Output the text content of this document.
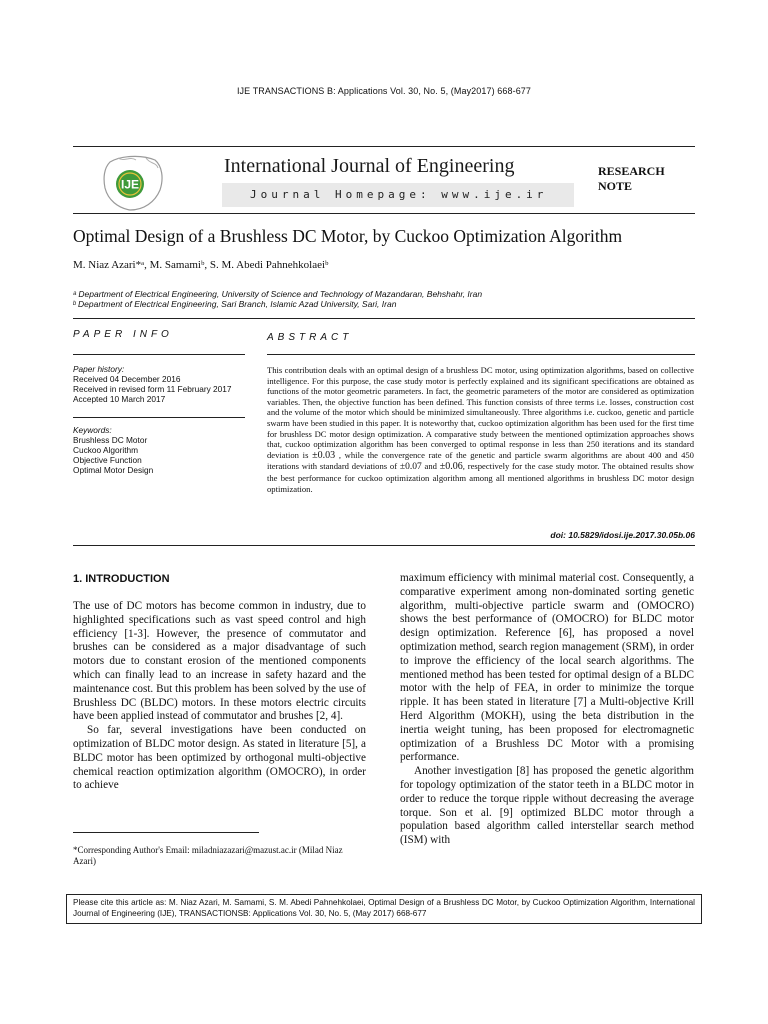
IJE TRANSACTIONS B: Applications Vol. 30, No. 5, (May2017) 668-677
IJE
International Journal of Engineering
Journal Homepage: www.ije.ir
RESEARCH
NOTE
Optimal Design of a Brushless DC Motor, by Cuckoo Optimization Algorithm
M. Niaz Azari*ᵃ, M. Samamiᵇ, S. M. Abedi Pahnehkolaeiᵇ
ᵃ Department of Electrical Engineering, University of Science and Technology of Mazandaran, Behshahr, Iran
ᵇ Department of Electrical Engineering, Sari Branch, Islamic Azad University, Sari, Iran
PAPER INFO
Paper history:
Received 04 December 2016
Received in revised form 11 February 2017
Accepted 10 March 2017
Keywords:
Brushless DC Motor
Cuckoo Algorithm
Objective Function
Optimal Motor Design
ABSTRACT
This contribution deals with an optimal design of a brushless DC motor, using optimization algorithms, based on collective intelligence. For this purpose, the case study motor is perfectly explained and its significant specifications are obtained as functions of the motor geometric parameters. In fact, the geometric parameters of the motor are considered as optimization variables. Then, the objective function has been defined. This function consists of three terms i.e. losses, construction cost and the volume of the motor which should be minimized simultaneously. Three algorithms i.e. cuckoo, genetic and particle swarm have been studied in this paper. It is noteworthy that, cuckoo optimization algorithm has been used for the first time for brushless DC motor design optimization. A comparative study between the mentioned optimization approaches shows that, cuckoo optimization algorithm has been converged to optimal response in less than 250 iterations and its standard deviation is ±0.03 , while the convergence rate of the genetic and particle swarm algorithms are about 400 and 450 iterations with standard deviations of ±0.07 and ±0.06, respectively for the case study motor. The obtained results show the best performance for cuckoo optimization algorithm among all mentioned algorithms in brushless DC motor design optimization.
doi: 10.5829/idosi.ije.2017.30.05b.06
1. INTRODUCTION

The use of DC motors has become common in industry, due to highlighted specifications such as vast speed control and high efficiency [1-3]. However, the presence of commutator and brushes can be considered as a major disadvantage of such motors due to constant erosion of the mentioned components which can finally lead to an increase in safety hazard and the maintenance cost. But this problem has been solved by the use of Brushless DC (BLDC) motors. In these motors electric circuits have been applied instead of commutator and brushes [2, 4].

So far, several investigations have been conducted on optimization of BLDC motor design. As stated in literature [5], a BLDC motor has been optimized by orthogonal multi-objective chemical reaction optimization algorithm (OMOCRO), in order to achieve

*Corresponding Author's Email: miladniazazari@mazust.ac.ir (Milad Niaz Azari)

maximum efficiency with minimal material cost. Consequently, a comparative experiment among non-dominated sorting genetic algorithm, multi-objective particle swarm and (OMOCRO) shows the best performance of (OMOCRO) for BLDC motor design optimization. Reference [6], has proposed a novel optimization method, search region management (SRM), in order to improve the efficiency of the local search algorithms. The mentioned method has been tested for optimal design of a BLDC motor with the help of FEA, in order to minimize the torque ripple. It has been stated in literature [7] a Multi-objective Krill Herd Algorithm (MOKH), using the beta distribution in the inertia weight tuning, has been proposed for electromagnetic optimization of a Brushless DC Motor with a promising performance.

Another investigation [8] has proposed the genetic algorithm for topology optimization of the stator teeth in a BLDC motor in order to reduce the torque ripple without decreasing the average torque. Son et al. [9] optimized BLDC motor through a population based algorithm called interstellar search method (ISM) with

Please cite this article as: M. Niaz Azari, M. Samami, S. M. Abedi Pahnehkolaei, Optimal Design of a Brushless DC Motor, by Cuckoo Optimization Algorithm, International Journal of Engineering (IJE), TRANSACTIONSB: Applications Vol. 30, No. 5, (May 2017) 668-677
